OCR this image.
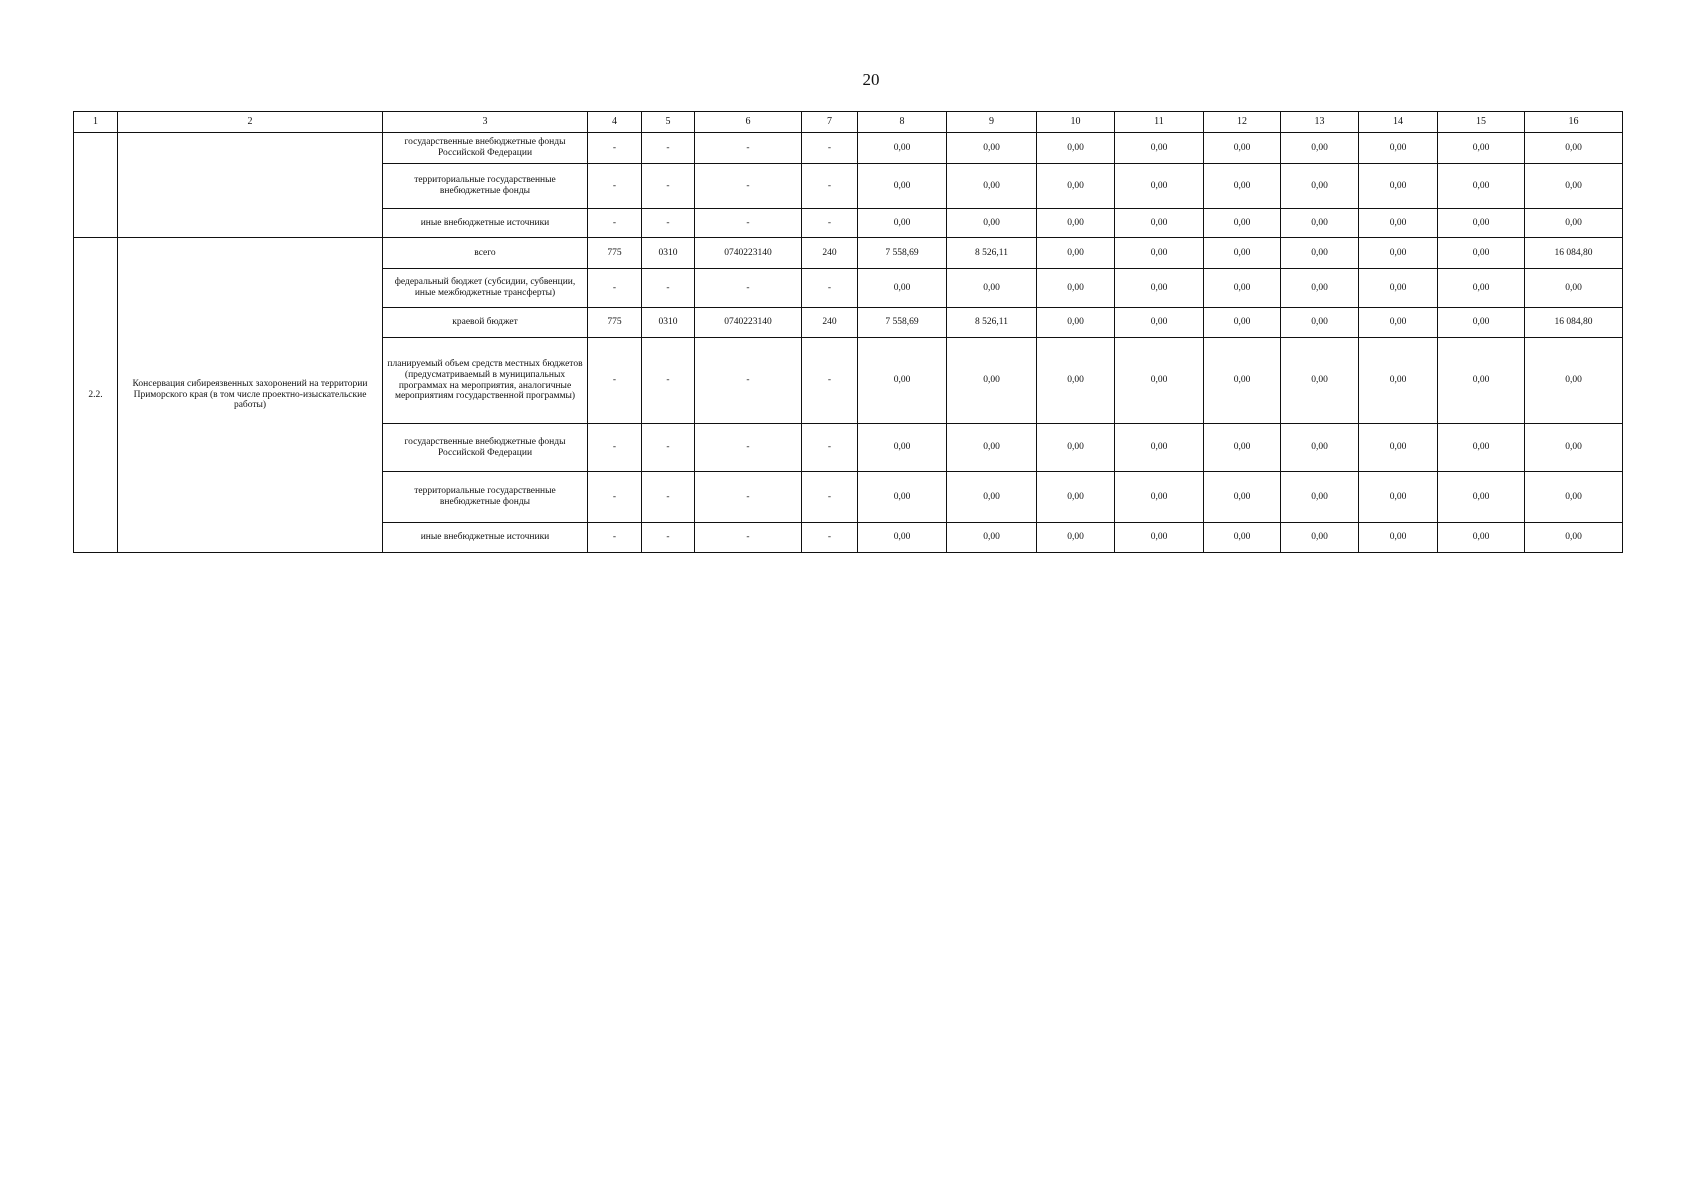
20
1	2	3	4	5	6	7	8	9	10	11	12	13	14	15	16
		государственные внебюджетные фонды Российской Федерации	-	-	-	-	0,00	0,00	0,00	0,00	0,00	0,00	0,00	0,00	0,00
		территориальные государственные внебюджетные фонды	-	-	-	-	0,00	0,00	0,00	0,00	0,00	0,00	0,00	0,00	0,00
		иные внебюджетные источники	-	-	-	-	0,00	0,00	0,00	0,00	0,00	0,00	0,00	0,00	0,00
2.2.	Консервация сибиреязвенных захоронений на территории Приморского края (в том числе проектно-изыскательские работы)	всего	775	0310	0740223140	240	7 558,69	8 526,11	0,00	0,00	0,00	0,00	0,00	0,00	16 084,80
		федеральный бюджет (субсидии, субвенции, иные межбюджетные трансферты)	-	-	-	-	0,00	0,00	0,00	0,00	0,00	0,00	0,00	0,00	0,00
		краевой бюджет	775	0310	0740223140	240	7 558,69	8 526,11	0,00	0,00	0,00	0,00	0,00	0,00	16 084,80
		планируемый объем средств местных бюджетов (предусматриваемый в муниципальных программах на мероприятия, аналогичные мероприятиям государственной программы)	-	-	-	-	0,00	0,00	0,00	0,00	0,00	0,00	0,00	0,00	0,00
		государственные внебюджетные фонды Российской Федерации	-	-	-	-	0,00	0,00	0,00	0,00	0,00	0,00	0,00	0,00	0,00
		территориальные государственные внебюджетные фонды	-	-	-	-	0,00	0,00	0,00	0,00	0,00	0,00	0,00	0,00	0,00
		иные внебюджетные источники	-	-	-	-	0,00	0,00	0,00	0,00	0,00	0,00	0,00	0,00	0,00
